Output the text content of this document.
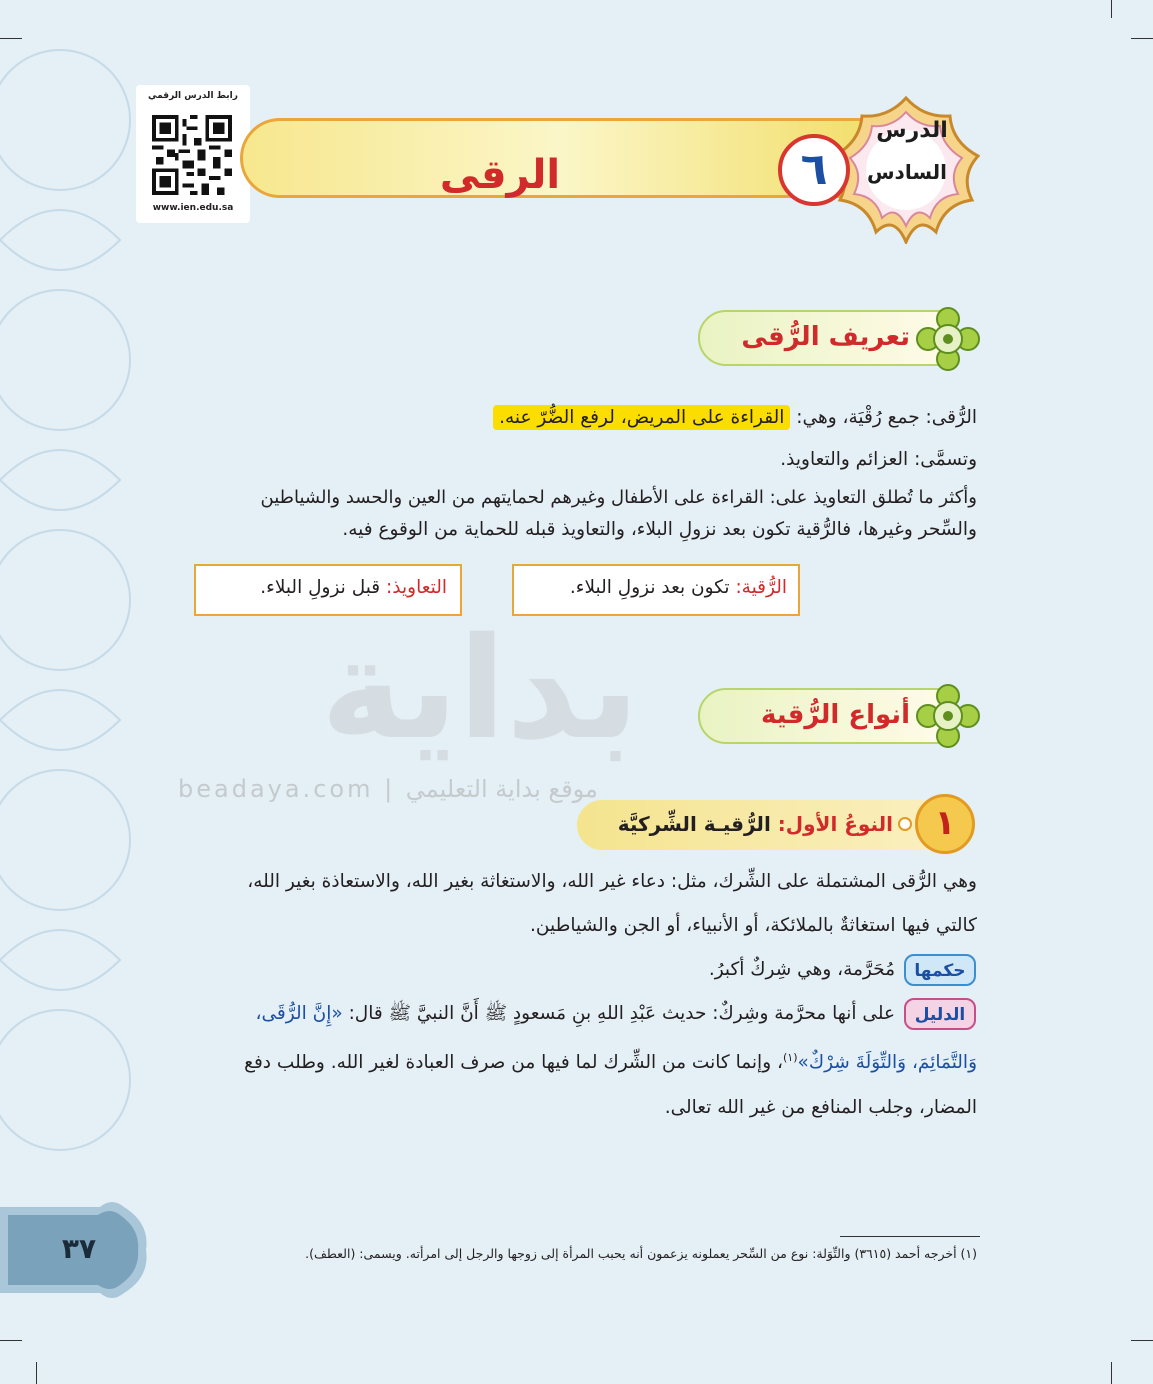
رابط الدرس الرقمي
www.ien.edu.sa
الرقى
الدرس
السادس
٦
تعريف الرُّقى
الرُّقى: جمع رُقْيَة، وهي: القراءة على المريض، لرفع الضُّرّ عنه.
وتسمَّى: العزائم والتعاويذ.
وأكثر ما تُطلق التعاويذ على: القراءة على الأطفال وغيرهم لحمايتهم من العين والحسد والشياطين
والسِّحر وغيرها، فالرُّقية تكون بعد نزولِ البلاء، والتعاويذ قبله للحماية من الوقوع فيه.
الرُّقية: تكون بعد نزولِ البلاء.
التعاويذ: قبل نزولِ البلاء.
بداية
beadaya.com | موقع بداية التعليمي
أنواع الرُّقية
١
النوعُ الأول: الرُّقيـة الشِّركيَّة
وهي الرُّقى المشتملة على الشِّرك، مثل: دعاء غير الله، والاستغاثة بغير الله، والاستعاذة بغير الله،
كالتي فيها استغاثةٌ بالملائكة، أو الأنبياء، أو الجن والشياطين.
حكمها
مُحَرَّمة، وهي شِركٌ أكبرُ.
الدليل
على أنها محرَّمة وشِركٌ: حديث عَبْدِ اللهِ بنِ مَسعودٍ ﷺ أَنَّ النبيَّ ﷺ قال: «إِنَّ الرُّقَى،
وَالتَّمَائِمَ، وَالتِّوَلَةَ شِرْكٌ»$^{(١)}$، وإنما كانت من الشِّرك لما فيها من صرف العبادة لغير الله. وطلب دفع
المضار، وجلب المنافع من غير الله تعالى.
(١) أخرجه أحمد (٣٦١٥) والتِّوَلة: نوع من السِّحر يعملونه يزعمون أنه يحبب المرأة إلى زوجها والرجل إلى امرأته. ويسمى: (العطف).
٣٧
